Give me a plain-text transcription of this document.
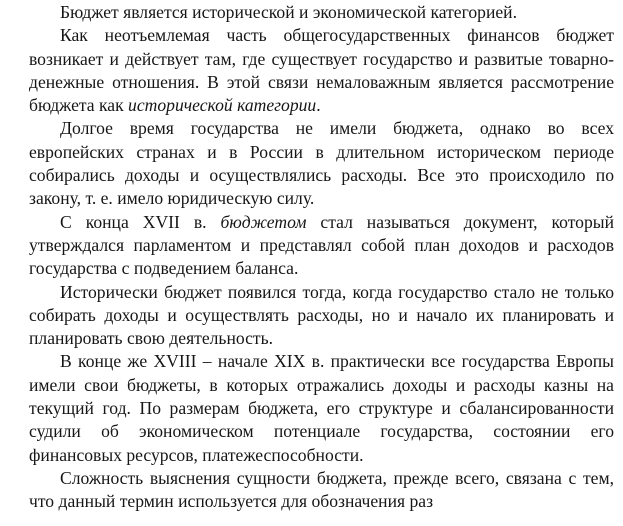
Бюджет является исторической и экономической категорией.

Как неотъемлемая часть общегосударственных финансов бюджет возникает и действует там, где существует государство и развитые товарно-денежные отношения. В этой связи немаловажным является рассмотрение бюджета как исторической категории.

Долгое время государства не имели бюджета, однако во всех европейских странах и в России в длительном историческом периоде собирались доходы и осуществлялись расходы. Все это происходило по закону, т. е. имело юридическую силу.

С конца XVII в. бюджетом стал называться документ, который утверждался парламентом и представлял собой план доходов и расходов государства с подведением баланса.

Исторически бюджет появился тогда, когда государство стало не только собирать доходы и осуществлять расходы, но и начало их планировать и планировать свою деятельность.

В конце же XVIII – начале XIX в. практически все государства Европы имели свои бюджеты, в которых отражались доходы и расходы казны на текущий год. По размерам бюджета, его структуре и сбалансированности судили об экономическом потенциале государства, состоянии его финансовых ресурсов, платежеспособности.

Сложность выяснения сущности бюджета, прежде всего, связана с тем, что данный термин используется для обозначения раз
